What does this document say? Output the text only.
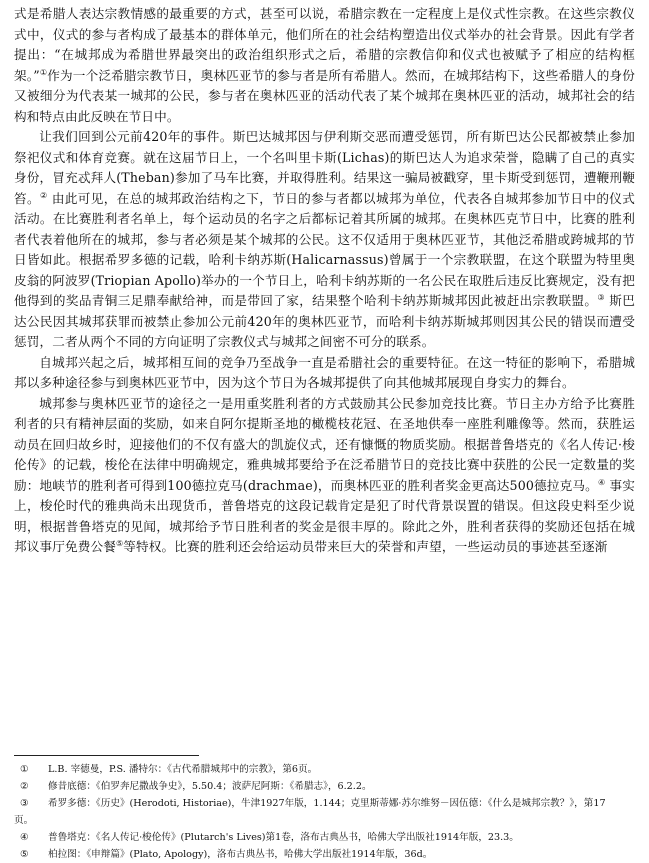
式是希腊人表达宗教情感的最重要的方式，甚至可以说，希腊宗教在一定程度上是仪式性宗教。在这些宗教仪式中，仪式的参与者构成了最基本的群体单元，他们所在的社会结构塑造出仪式举办的社会背景。因此有学者提出：“在城邦成为希腊世界最突出的政治组织形式之后，希腊的宗教信仰和仪式也被赋予了相应的结构框架。”①作为一个泛希腊宗教节日，奥林匹亚节的参与者是所有希腊人。然而，在城邦结构下，这些希腊人的身份又被细分为代表某一城邦的公民，参与者在奥林匹亚的活动代表了某个城邦在奥林匹亚的活动，城邦社会的结构和特点由此反映在节日中。

让我们回到公元前420年的事件。斯巴达城邦因与伊利斯交恶而遭受惩罚，所有斯巴达公民都被禁止参加祭祀仪式和体育竞赛。就在这届节日上，一个名叫里卡斯(Lichas)的斯巴达人为追求荣誉，隐瞒了自己的真实身份，冒充忒拜人(Theban)参加了马车比赛，并取得胜利。结果这一骗局被戳穿，里卡斯受到惩罚，遭鞭刑鞭笞。② 由此可见，在总的城邦政治结构之下，节日的参与者都以城邦为单位，代表各自城邦参加节日中的仪式活动。在比赛胜利者名单上，每个运动员的名字之后都标记着其所属的城邦。在奥林匹克节日中，比赛的胜利者代表着他所在的城邦，参与者必须是某个城邦的公民。这不仅适用于奥林匹亚节，其他泛希腊或跨城邦的节日皆如此。根据希罗多德的记载，哈利卡纳苏斯(Halicarnassus)曾属于一个宗教联盟，在这个联盟为特里奥皮翁的阿波罗(Triopian Apollo)举办的一个节日上，哈利卡纳苏斯的一名公民在取胜后违反比赛规定，没有把他得到的奖品青铜三足鼎奉献给神，而是带回了家，结果整个哈利卡纳苏斯城邦因此被赶出宗教联盟。③ 斯巴达公民因其城邦获罪而被禁止参加公元前420年的奥林匹亚节，而哈利卡纳苏斯城邦则因其公民的错误而遭受惩罚，二者从两个不同的方向证明了宗教仪式与城邦之间密不可分的联系。

自城邦兴起之后，城邦相互间的竞争乃至战争一直是希腊社会的重要特征。在这一特征的影响下，希腊城邦以多种途径参与到奥林匹亚节中，因为这个节日为各城邦提供了向其他城邦展现自身实力的舞台。

城邦参与奥林匹亚节的途径之一是用重奖胜利者的方式鼓励其公民参加竞技比赛。节日主办方给予比赛胜利者的只有精神层面的奖励，如来自阿尔提斯圣地的橄榄枝花冠、在圣地供奉一座胜利雕像等。然而，获胜运动员在回归故乡时，迎接他们的不仅有盛大的凯旋仪式，还有慷慨的物质奖励。根据普鲁塔克的《名人传记·梭伦传》的记载，梭伦在法律中明确规定，雅典城邦要给予在泛希腊节日的竞技比赛中获胜的公民一定数量的奖励：地峡节的胜利者可得到100德拉克马(drachmae)，而奥林匹亚的胜利者奖金更高达500德拉克马。④ 事实上，梭伦时代的雅典尚未出现货币，普鲁塔克的这段记载肯定是犯了时代背景误置的错误。但这段史料至少说明，根据普鲁塔克的见闻，城邦给予节日胜利者的奖金是很丰厚的。除此之外，胜利者获得的奖励还包括在城邦议事厅免费公餐⑤等特权。比赛的胜利还会给运动员带来巨大的荣誉和声望，一些运动员的事迹甚至逐渐

①	L.B. 宰德曼，P.S. 潘特尔：《古代希腊城邦中的宗教》，第6页。
②	修昔底德：《伯罗奔尼撒战争史》，5.50.4；波萨尼阿斯：《希腊志》，6.2.2。
③	希罗多德：《历史》(Herodoti, Historiae)，牛津1927年版，1.144；克里斯蒂娜·苏尔维努－因伍德：《什么是城邦宗教？》，第17
页。
④	普鲁塔克：《名人传记·梭伦传》(Plutarch's Lives)第1卷，洛布古典丛书，哈佛大学出版社1914年版，23.3。
⑤	柏拉图：《申辩篇》(Plato, Apology)，洛布古典丛书，哈佛大学出版社1914年版，36d。
